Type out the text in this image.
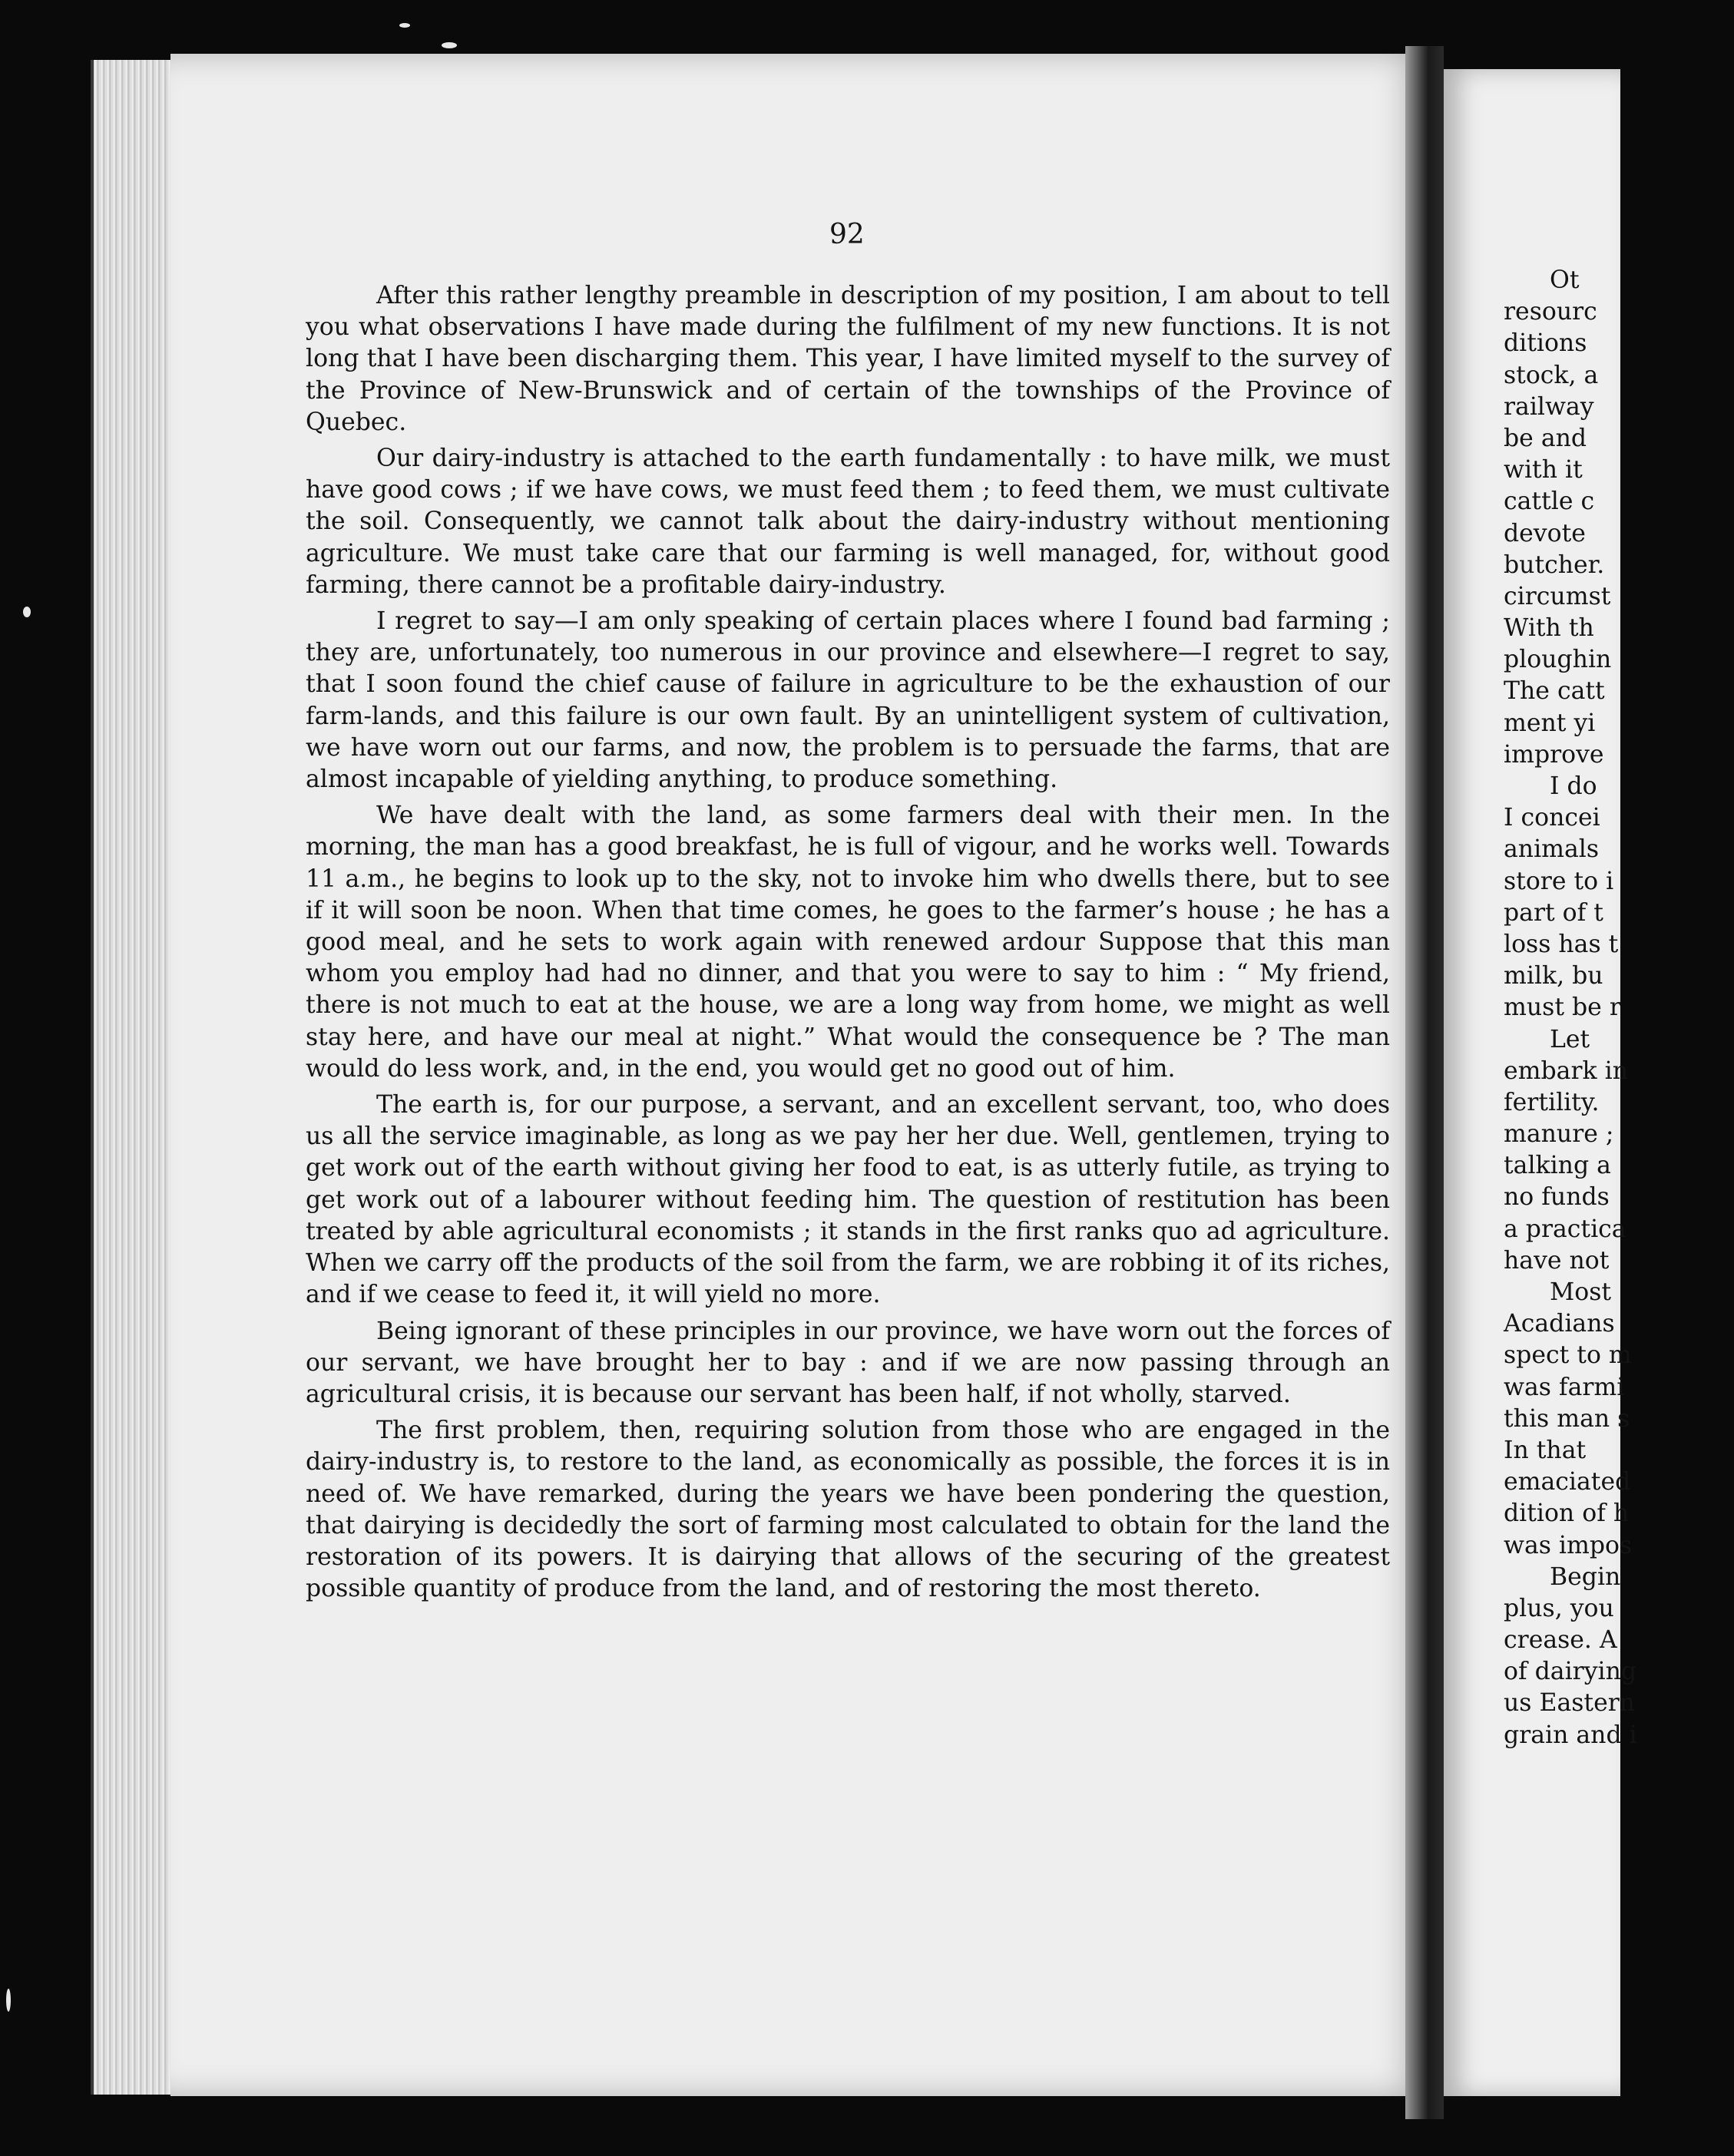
92

After this rather lengthy preamble in description of my position, I am about to tell you what observations I have made during the fulfilment of my new functions. It is not long that I have been discharging them. This year, I have limited myself to the survey of the Province of New-Brunswick and of certain of the townships of the Province of Quebec.

Our dairy-industry is attached to the earth fundamentally : to have milk, we must have good cows ; if we have cows, we must feed them ; to feed them, we must cultivate the soil. Consequently, we cannot talk about the dairy-industry without mentioning agriculture. We must take care that our farming is well managed, for, without good farming, there cannot be a profitable dairy-industry.

I regret to say—I am only speaking of certain places where I found bad farming ; they are, unfortunately, too numerous in our province and elsewhere—I regret to say, that I soon found the chief cause of failure in agriculture to be the exhaustion of our farm-lands, and this failure is our own fault. By an unintelligent system of cultivation, we have worn out our farms, and now, the problem is to persuade the farms, that are almost incapable of yielding anything, to produce something.

We have dealt with the land, as some farmers deal with their men. In the morning, the man has a good breakfast, he is full of vigour, and he works well. Towards 11 a.m., he begins to look up to the sky, not to invoke him who dwells there, but to see if it will soon be noon. When that time comes, he goes to the farmer’s house ; he has a good meal, and he sets to work again with renewed ardour Suppose that this man whom you employ had had no dinner, and that you were to say to him : “ My friend, there is not much to eat at the house, we are a long way from home, we might as well stay here, and have our meal at night.” What would the consequence be ? The man would do less work, and, in the end, you would get no good out of him.

The earth is, for our purpose, a servant, and an excellent servant, too, who does us all the service imaginable, as long as we pay her her due. Well, gentlemen, trying to get work out of the earth without giving her food to eat, is as utterly futile, as trying to get work out of a labourer without feeding him. The question of restitution has been treated by able agricultural economists ; it stands in the first ranks quo ad agriculture. When we carry off the products of the soil from the farm, we are robbing it of its riches, and if we cease to feed it, it will yield no more.

Being ignorant of these principles in our province, we have worn out the forces of our servant, we have brought her to bay : and if we are now passing through an agricultural crisis, it is because our servant has been half, if not wholly, starved.

The first problem, then, requiring solution from those who are engaged in the dairy-industry is, to restore to the land, as economically as possible, the forces it is in need of. We have remarked, during the years we have been pondering the question, that dairying is decidedly the sort of farming most calculated to obtain for the land the restoration of its powers. It is dairying that allows of the securing of the greatest possible quantity of produce from the land, and of restoring the most thereto.

Ot
resourc
ditions
stock, a
railway
be and
with it
cattle c
devote
butcher.
circumst
With th
ploughin
The catt
ment yi
improve
I do
I concei
animals
store to i
part of t
loss has t
milk, bu
must be r
Let
embark in
fertility.
manure ;
talking a
no funds
a practica
have not
Most
Acadians
spect to m
was farmi
this man s
In that
emaciated
dition of h
was impos
Begin
plus, you
crease. A
of dairying
us Eastern
grain and i
